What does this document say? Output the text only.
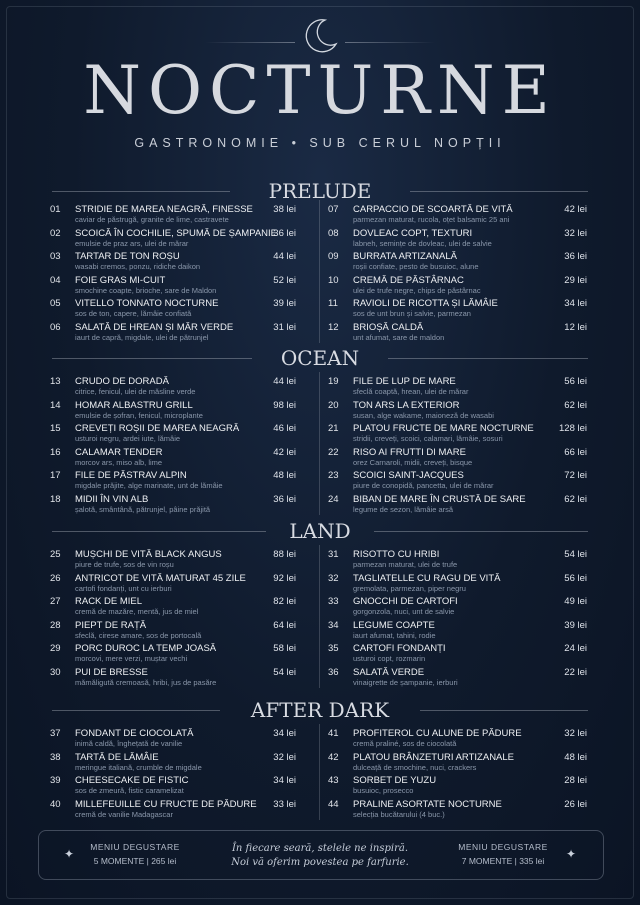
NOCTURNE
GASTRONOMIE • SUB CERUL NOPȚII
PRELUDE
01 STRIDIE DE MAREA NEAGRĂ, FINESSE
caviar de păstrugă, granite de lime, castravete
38 lei
02 SCOICĂ ÎN COCHILIE, SPUMĂ DE ȘAMPANIE
emulsie de praz ars, ulei de mărar
36 lei
03 TARTAR DE TON ROȘU
wasabi cremos, ponzu, ridiche daikon
44 lei
04 FOIE GRAS MI-CUIT
smochine coapte, brioche, sare de Maldon
52 lei
05 VITELLO TONNATO NOCTURNE
sos de ton, capere, lămâie confiată
39 lei
06 SALATĂ DE HREAN ȘI MĂR VERDE
iaurt de capră, migdale, ulei de pătrunjel
31 lei
07 CARPACCIO DE SCOARTĂ DE VITĂ
parmezan maturat, rucola, oțet balsamic 25 ani
42 lei
08 DOVLEAC COPT, TEXTURI
labneh, semințe de dovleac, ulei de salvie
32 lei
09 BURRATA ARTIZANALĂ
roșii confiate, pesto de busuioc, alune
36 lei
10 CREMĂ DE PĂSTÂRNAC
ulei de trufe negre, chips de păstârnac
29 lei
11 RAVIOLI DE RICOTTA ȘI LĂMÂIE
sos de unt brun și salvie, parmezan
34 lei
12 BRIOȘĂ CALDĂ
unt afumat, sare de maldon
12 lei
OCEAN
13 CRUDO DE DORADĂ
citrice, fenicul, ulei de măsline verde
44 lei
14 HOMAR ALBASTRU GRILL
emulsie de șofran, fenicul, microplante
98 lei
15 CREVEȚI ROȘII DE MAREA NEAGRĂ
usturoi negru, ardei iute, lămâie
46 lei
16 CALAMAR TENDER
morcov ars, miso alb, lime
42 lei
17 FILE DE PĂSTRAV ALPIN
migdale prăjite, alge marinate, unt de lămâie
48 lei
18 MIDII ÎN VIN ALB
șalotă, smântână, pătrunjel, pâine prăjită
36 lei
19 FILE DE LUP DE MARE
sfeclă coaptă, hrean, ulei de mărar
56 lei
20 TON ARS LA EXTERIOR
susan, alge wakame, maioneză de wasabi
62 lei
21 PLATOU FRUCTE DE MARE NOCTURNE
stridii, creveți, scoici, calamari, lămâie, sosuri
128 lei
22 RISO AI FRUTTI DI MARE
orez Carnaroli, midii, creveți, bisque
66 lei
23 SCOICI SAINT-JACQUES
piure de conopidă, pancetta, ulei de mărar
72 lei
24 BIBAN DE MARE ÎN CRUSTĂ DE SARE
legume de sezon, lămâie arsă
62 lei
LAND
25 MUȘCHI DE VITĂ BLACK ANGUS
piure de trufe, sos de vin roșu
88 lei
26 ANTRICOT DE VITĂ MATURAT 45 ZILE
cartofi fondanți, unt cu ierburi
92 lei
27 RACK DE MIEL
cremă de mazăre, mentă, jus de miel
82 lei
28 PIEPT DE RAȚĂ
sfeclă, cirese amare, sos de portocală
64 lei
29 PORC DUROC LA TEMP JOASĂ
morcovi, mere verzi, muștar vechi
58 lei
30 PUI DE BRESSE
mămăligută cremoasă, hribi, jus de pasăre
54 lei
31 RISOTTO CU HRIBI
parmezan maturat, ulei de trufe
54 lei
32 TAGLIATELLE CU RAGU DE VITĂ
gremolata, parmezan, piper negru
56 lei
33 GNOCCHI DE CARTOFI
gorgonzola, nuci, unt de salvie
49 lei
34 LEGUME COAPTE
iaurt afumat, tahini, rodie
39 lei
35 CARTOFI FONDANȚI
usturoi copt, rozmarin
24 lei
36 SALATĂ VERDE
vinaigrette de șampanie, ierburi
22 lei
AFTER DARK
37 FONDANT DE CIOCOLATĂ
inimă caldă, înghețată de vanilie
34 lei
38 TARTĂ DE LĂMÂIE
meringue italiană, crumble de migdale
32 lei
39 CHEESECAKE DE FISTIC
sos de zmeură, fistic caramelizat
34 lei
40 MILLEFEUILLE CU FRUCTE DE PĂDURE
cremă de vanilie Madagascar
33 lei
41 PROFITEROL CU ALUNE DE PĂDURE
cremă praliné, sos de ciocolată
32 lei
42 PLATOU BRÂNZETURI ARTIZANALE
dulceață de smochine, nuci, crackers
48 lei
43 SORBET DE YUZU
busuioc, prosecco
28 lei
44 PRALINE ASORTATE NOCTURNE
selecția bucătarului (4 buc.)
26 lei
✦	MENIU DEGUSTARE
5 MOMENTE | 265 lei
În fiecare seară, stelele ne inspiră.
Noi vă oferim povestea pe farfurie.
MENIU DEGUSTARE
7 MOMENTE | 335 lei	✦
